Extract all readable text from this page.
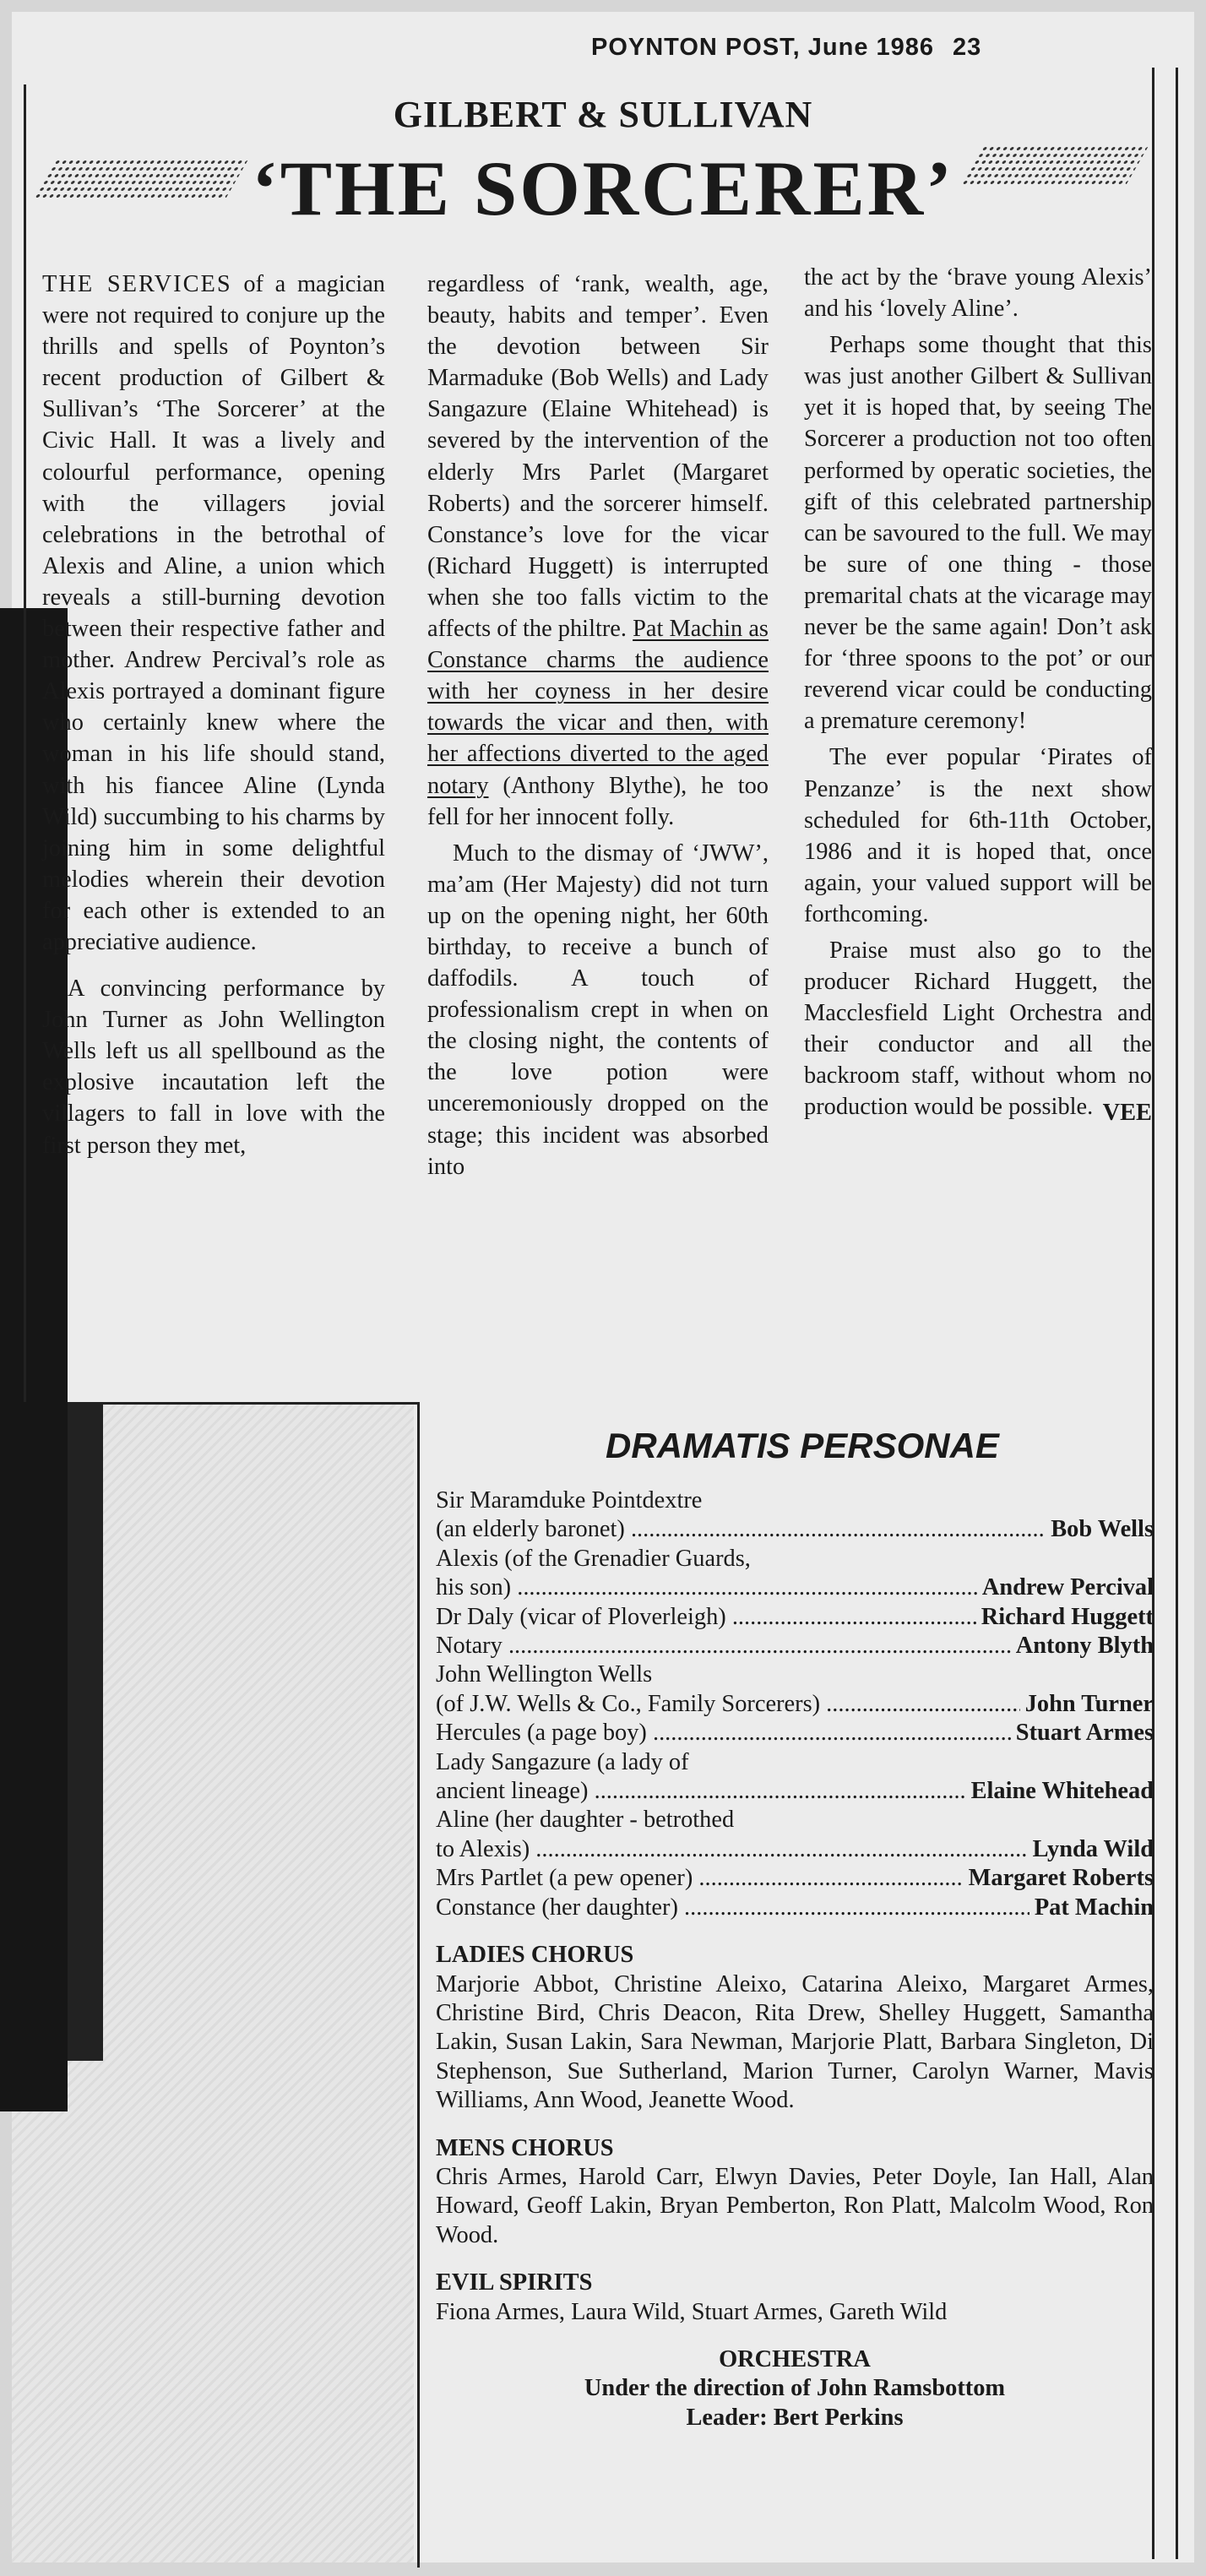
POYNTON POST, June 1986 23
GILBERT & SULLIVAN
‘THE SORCERER’

THE SERVICES of a magician were not required to conjure up the thrills and spells of Poynton’s recent production of Gilbert & Sullivan’s ‘The Sorcerer’ at the Civic Hall. It was a lively and colourful performance, opening with the villagers jovial celebrations in the betrothal of Alexis and Aline, a union which reveals a still-burning devotion between their respective father and mother. Andrew Percival’s role as Alexis portrayed a dominant figure who certainly knew where the woman in his life should stand, with his fiancee Aline (Lynda Wild) succumbing to his charms by joining him in some delightful melodies wherein their devotion for each other is extended to an appreciative audience.

A convincing performance by John Turner as John Wellington Wells left us all spellbound as the explosive incautation left the villagers to fall in love with the first person they met,

regardless of ‘rank, wealth, age, beauty, habits and temper’. Even the devotion between Sir Marmaduke (Bob Wells) and Lady Sangazure (Elaine Whitehead) is severed by the intervention of the elderly Mrs Parlet (Margaret Roberts) and the sorcerer himself. Constance’s love for the vicar (Richard Huggett) is interrupted when she too falls victim to the affects of the philtre. Pat Machin as Constance charms the audience with her coyness in her desire towards the vicar and then, with her affections diverted to the aged notary (Anthony Blythe), he too fell for her innocent folly.

Much to the dismay of ‘JWW’, ma’am (Her Majesty) did not turn up on the opening night, her 60th birthday, to receive a bunch of daffodils. A touch of professionalism crept in when on the closing night, the contents of the love potion were unceremoniously dropped on the stage; this incident was absorbed into

the act by the ‘brave young Alexis’ and his ‘lovely Aline’.

Perhaps some thought that this was just another Gilbert & Sullivan yet it is hoped that, by seeing The Sorcerer a production not too often performed by operatic societies, the gift of this celebrated partnership can be savoured to the full. We may be sure of one thing - those premarital chats at the vicarage may never be the same again! Don’t ask for ‘three spoons to the pot’ or our reverend vicar could be conducting a premature ceremony!

The ever popular ‘Pirates of Penzanze’ is the next show scheduled for 6th-11th October, 1986 and it is hoped that, once again, your valued support will be forthcoming.

Praise must also go to the producer Richard Huggett, the Macclesfield Light Orchestra and their conductor and all the backroom staff, without whom no production would be possible. VEE
DRAMATIS PERSONAE
Sir Maramduke Pointdextre
(an elderly baronet) .....	Bob Wells
Alexis (of the Grenadier Guards,
his son) .....	Andrew Percival
Dr Daly (vicar of Ploverleigh) .....	Richard Huggett
Notary .....	Antony Blyth
John Wellington Wells
(of J.W. Wells & Co., Family Sorcerers) .....	John Turner
Hercules (a page boy) .....	Stuart Armes
Lady Sangazure (a lady of
ancient lineage) .....	Elaine Whitehead
Aline (her daughter - betrothed
to Alexis) .....	Lynda Wild
Mrs Partlet (a pew opener) .....	Margaret Roberts
Constance (her daughter) .....	Pat Machin
LADIES CHORUS
Marjorie Abbot, Christine Aleixo, Catarina Aleixo, Margaret Armes, Christine Bird, Chris Deacon, Rita Drew, Shelley Huggett, Samantha Lakin, Susan Lakin, Sara Newman, Marjorie Platt, Barbara Singleton, Di Stephenson, Sue Sutherland, Marion Turner, Carolyn Warner, Mavis Williams, Ann Wood, Jeanette Wood.
MENS CHORUS
Chris Armes, Harold Carr, Elwyn Davies, Peter Doyle, Ian Hall, Alan Howard, Geoff Lakin, Bryan Pemberton, Ron Platt, Malcolm Wood, Ron Wood.
EVIL SPIRITS
Fiona Armes, Laura Wild, Stuart Armes, Gareth Wild
ORCHESTRA
Under the direction of John Ramsbottom
Leader: Bert Perkins
